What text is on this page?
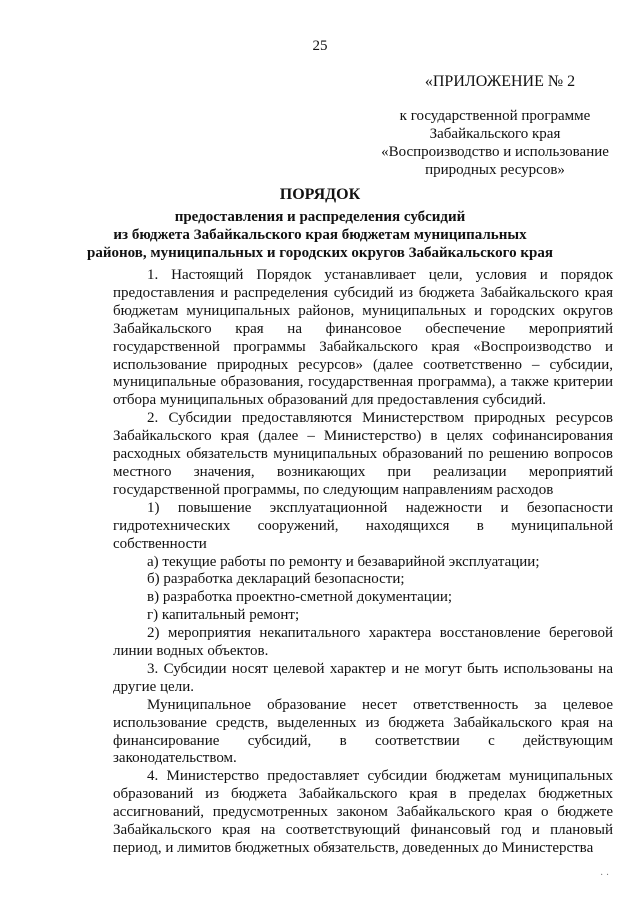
25
«ПРИЛОЖЕНИЕ № 2
к государственной программе
Забайкальского края
«Воспроизводство и использование
природных ресурсов»
ПОРЯДОК
предоставления и распределения субсидий
из бюджета Забайкальского края бюджетам муниципальных
районов, муниципальных и городских округов Забайкальского края

1. Настоящий Порядок устанавливает цели, условия и порядок предоставления и распределения субсидий из бюджета Забайкальского края бюджетам муниципальных районов, муниципальных и городских округов Забайкальского края на финансовое обеспечение мероприятий государственной программы Забайкальского края «Воспроизводство и использование природных ресурсов» (далее соответственно – субсидии, муниципальные образования, государственная программа), а также критерии отбора муниципальных образований для предоставления субсидий.

2. Субсидии предоставляются Министерством природных ресурсов Забайкальского края (далее – Министерство) в целях софинансирования расходных обязательств муниципальных образований по решению вопросов местного значения, возникающих при реализации мероприятий государственной программы, по следующим направлениям расходов

1) повышение эксплуатационной надежности и безопасности гидротехнических сооружений, находящихся в муниципальной собственности

а) текущие работы по ремонту и безаварийной эксплуатации;

б) разработка деклараций безопасности;

в) разработка проектно-сметной документации;

г) капитальный ремонт;

2) мероприятия некапитального характера восстановление береговой линии водных объектов.

3. Субсидии носят целевой характер и не могут быть использованы на другие цели.

Муниципальное образование несет ответственность за целевое использование средств, выделенных из бюджета Забайкальского края на финансирование субсидий, в соответствии с действующим законодательством.

4. Министерство предоставляет субсидии бюджетам муниципальных образований из бюджета Забайкальского края в пределах бюджетных ассигнований, предусмотренных законом Забайкальского края о бюджете Забайкальского края на соответствующий финансовый год и плановый период, и лимитов бюджетных обязательств, доведенных до Министерства

· ·
